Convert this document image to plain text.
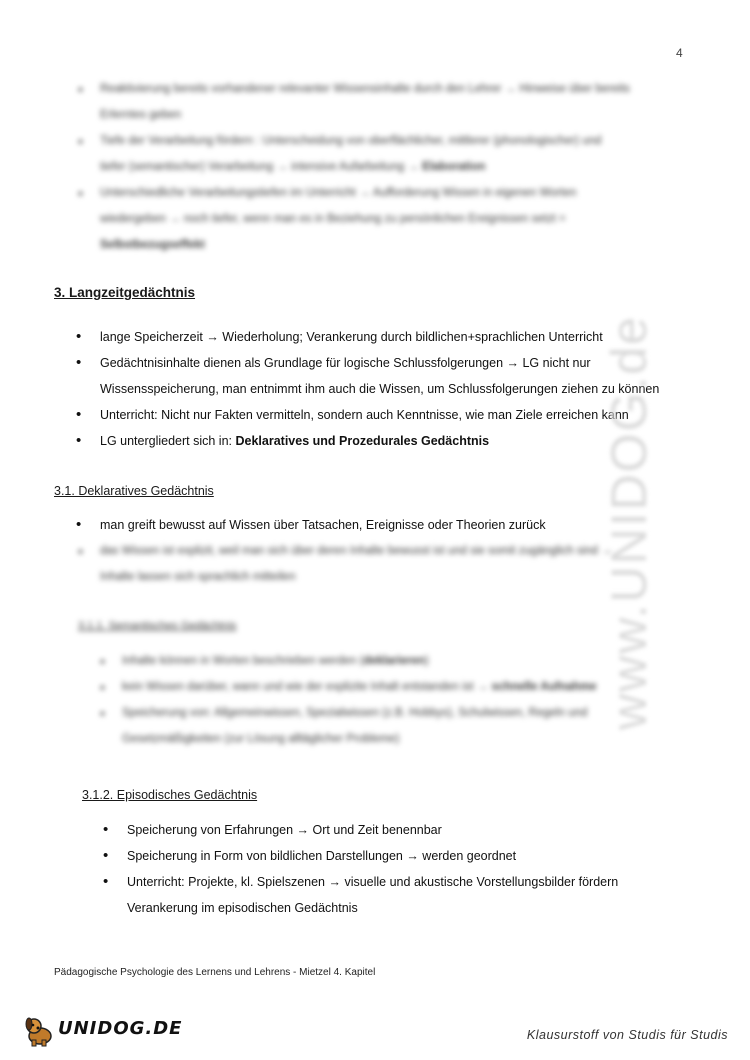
4
• Reaktivierung bereits vorhandener relevanter Wissensinhalte durch den Lehrer → Hinweise über bereits
Erlerntes geben
• Tiefe der Verarbeitung fördern : Unterscheidung von oberflächlicher, mittlerer (phonologischer) und
tiefer (semantischer) Verarbeitung → intensive Aufarbeitung → Elaboration
• Unterschiedliche Verarbeitungstiefen im Unterricht → Aufforderung Wissen in eigenen Worten
wiedergeben → noch tiefer, wenn man es in Beziehung zu persönlichen Ereignissen setzt =
Selbstbezugseffekt
3. Langzeitgedächtnis
• lange Speicherzeit → Wiederholung; Verankerung durch bildlichen+sprachlichen Unterricht
• Gedächtnisinhalte dienen als Grundlage für logische Schlussfolgerungen → LG nicht nur
Wissensspeicherung, man entnimmt ihm auch die Wissen, um Schlussfolgerungen ziehen zu können
• Unterricht: Nicht nur Fakten vermitteln, sondern auch Kenntnisse, wie man Ziele erreichen kann
• LG untergliedert sich in: Deklaratives und Prozedurales Gedächtnis
3.1. Deklaratives Gedächtnis
• man greift bewusst auf Wissen über Tatsachen, Ereignisse oder Theorien zurück
• das Wissen ist explizit, weil man sich über deren Inhalte bewusst ist und sie somit zugänglich sind →
Inhalte lassen sich sprachlich mitteilen
3.1.1. Semantisches Gedächtnis
• Inhalte können in Worten beschrieben werden (deklarieren)
• kein Wissen darüber, wann und wie der explizite Inhalt entstanden ist → schnelle Aufnahme
• Speicherung von: Allgemeinwissen, Spezialwissen (z.B. Hobbys), Schulwissen, Regeln und
Gesetzmäßigkeiten (zur Lösung alltäglicher Probleme)
3.1.2. Episodisches Gedächtnis
• Speicherung von Erfahrungen → Ort und Zeit benennbar
• Speicherung in Form von bildlichen Darstellungen → werden geordnet
• Unterricht: Projekte, kl. Spielszenen → visuelle und akustische Vorstellungsbilder fördern
Verankerung im episodischen Gedächtnis
www.UNIDOG.de
Pädagogische Psychologie des Lernens und Lehrens - Mietzel 4. Kapitel
UNIDOG.DE	Klausurstoff von Studis für Studis
